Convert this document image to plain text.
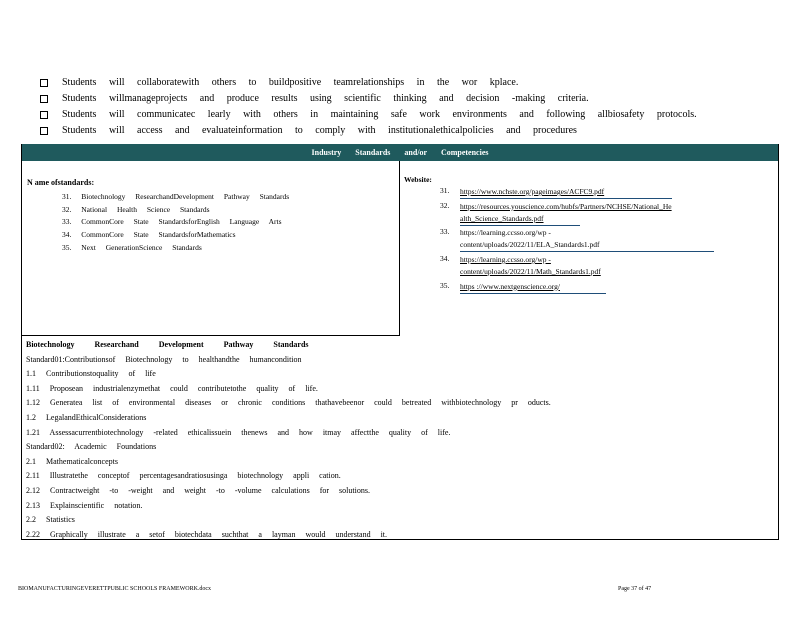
Students will collaboratewith others to buildpositive teamrelationships in the wor kplace.
Students willmanageprojects and produce results using scientific thinking and decision -making criteria.
Students will communicatec learly with others in maintaining safe work environments and following allbiosafety protocols.
Students will access and evaluateinformation to comply with institutionalethicalpolicies and procedures
Industry Standards and/or Competencies
N ame ofstandards:
31. Biotechnology ResearchandDevelopment Pathway Standards
32. National Health Science Standards
33. CommonCore State StandardsforEnglish Language Arts
34. CommonCore State StandardsforMathematics
35. Next GenerationScience Standards
Website:
31. https://www.nchste.org/pageimages/ACFC9.pdf
32. https://resources.youscience.com/hubfs/Partners/NCHSE/National_He
alth_Science_Standards.pdf
33. https://learning.ccsso.org/wp -
content/uploads/2022/11/ELA_Standards1.pdf
34. https://learning.ccsso.org/wp -
content/uploads/2022/11/Math_Standards1.pdf
35. https ://www.nextgenscience.org/
Biotechnology Researchand Development Pathway Standards
Standard01:Contributionsof Biotechnology to healthandthe humancondition
1.1 Contributionstoquality of life
1.11 Proposean industrialenzymethat could contributetothe quality of life.
1.12 Generatea list of environmental diseases or chronic conditions thathavebeenor could betreated withbiotechnology pr oducts.
1.2 LegalandEthicalConsiderations
1.21 Assessacurrentbiotechnology -related ethicalissuein thenews and how itmay affectthe quality of life.
Standard02: Academic Foundations
2.1 Mathematicalconcepts
2.11 Illustratethe conceptof percentagesandratiosusinga biotechnology appli cation.
2.12 Contractweight -to -weight and weight -to -volume calculations for solutions.
2.13 Explainscientific notation.
2.2 Statistics
2.22 Graphically illustrate a setof biotechdata suchthat a layman would understand it.
BIOMANUFACTURINGEVERETTPUBLIC SCHOOLS FRAMEWORK.docx	Page 37 of 47
